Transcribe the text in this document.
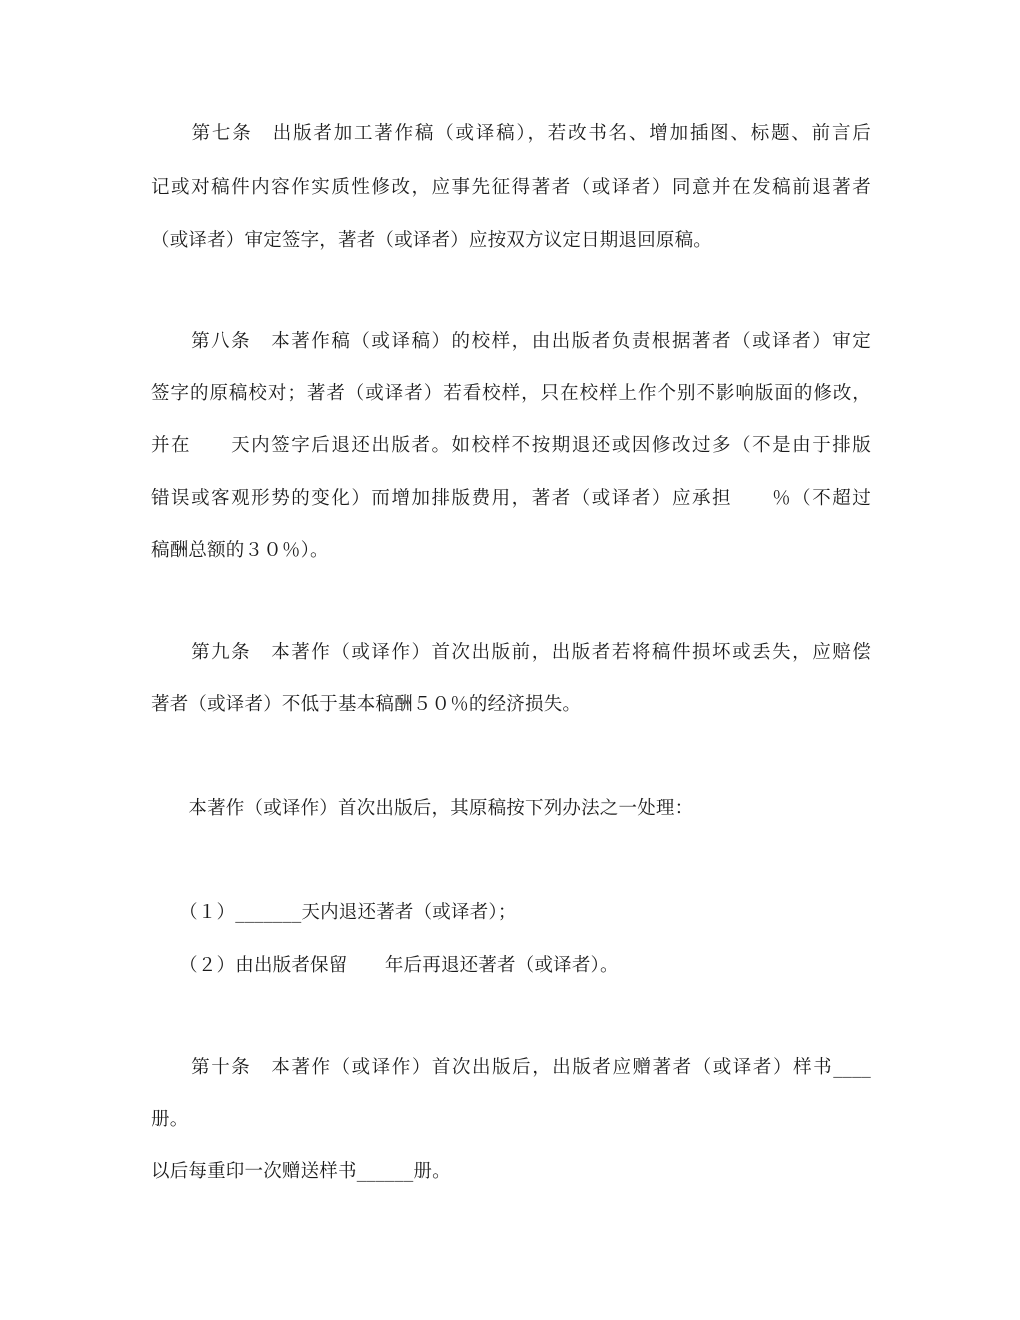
　　第七条　出版者加工著作稿（或译稿），若改书名、增加插图、标题、前言后
记或对稿件内容作实质性修改，应事先征得著者（或译者）同意并在发稿前退著者
（或译者）审定签字，著者（或译者）应按双方议定日期退回原稿。
　　第八条　本著作稿（或译稿）的校样，由出版者负责根据著者（或译者）审定
签字的原稿校对；著者（或译者）若看校样，只在校样上作个别不影响版面的修改，
并在　　天内签字后退还出版者。如校样不按期退还或因修改过多（不是由于排版
错误或客观形势的变化）而增加排版费用，著者（或译者）应承担　　％（不超过
稿酬总额的３０％）。
　　第九条　本著作（或译作）首次出版前，出版者若将稿件损坏或丢失，应赔偿
著者（或译者）不低于基本稿酬５０％的经济损失。
　　本著作（或译作）首次出版后，其原稿按下列办法之一处理：
　　（１）_______天内退还著者（或译者）；
　　（２）由出版者保留　　年后再退还著者（或译者）。
　　第十条　本著作（或译作）首次出版后，出版者应赠著者（或译者）样书____
册。
以后每重印一次赠送样书______册。
